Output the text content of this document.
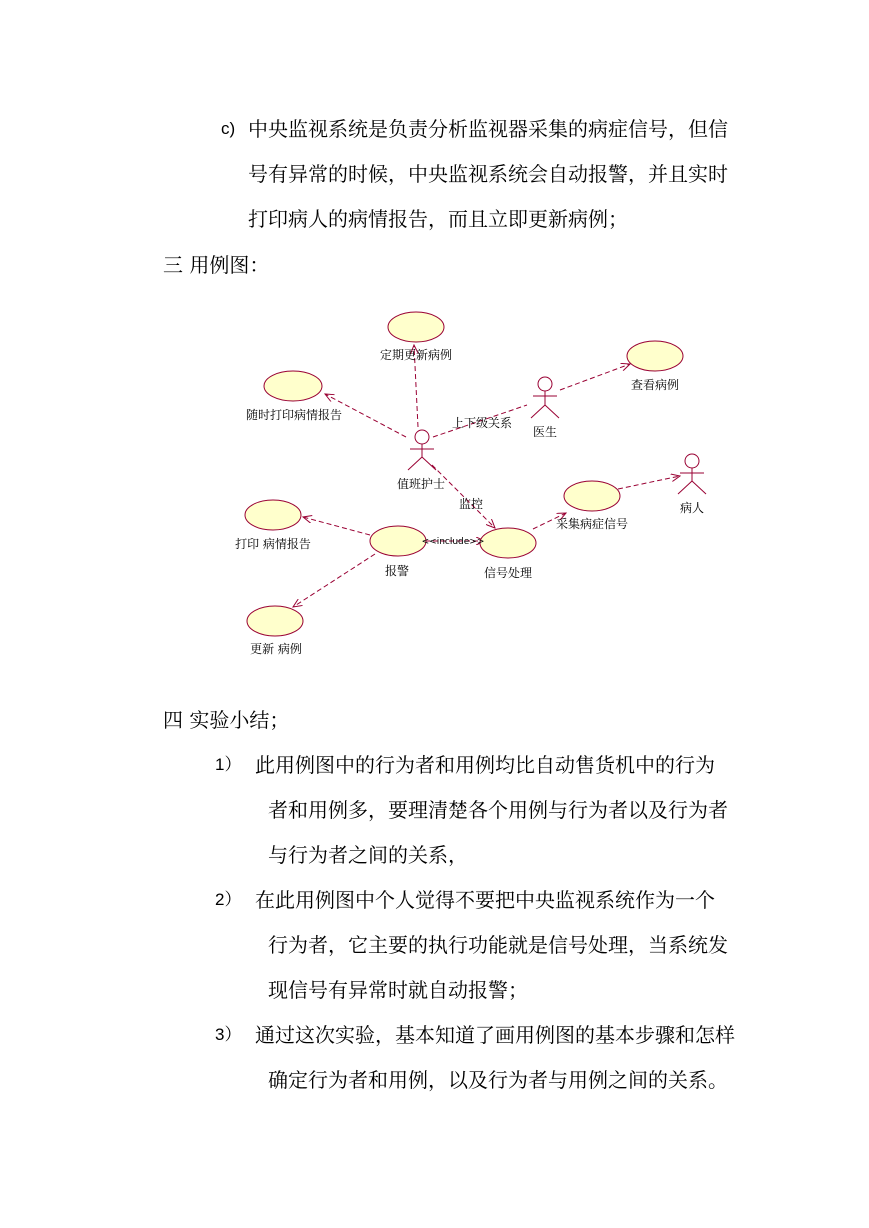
c) 中央监视系统是负责分析监视器采集的病症信号，但信
号有异常的时候，中央监视系统会自动报警，并且实时
打印病人的病情报告，而且立即更新病例；
三 用例图：
定期更新病例
查看病例
随时打印病情报告
采集病症信号
打印 病情报告
报警	信号处理
更新 病例
医生
值班护士
病人
上下级关系
监控
<<include>>
四 实验小结；
1） 此用例图中的行为者和用例均比自动售货机中的行为
者和用例多，要理清楚各个用例与行为者以及行为者
与行为者之间的关系，
2） 在此用例图中个人觉得不要把中央监视系统作为一个
行为者，它主要的执行功能就是信号处理，当系统发
现信号有异常时就自动报警；
3） 通过这次实验，基本知道了画用例图的基本步骤和怎样
确定行为者和用例，以及行为者与用例之间的关系。
